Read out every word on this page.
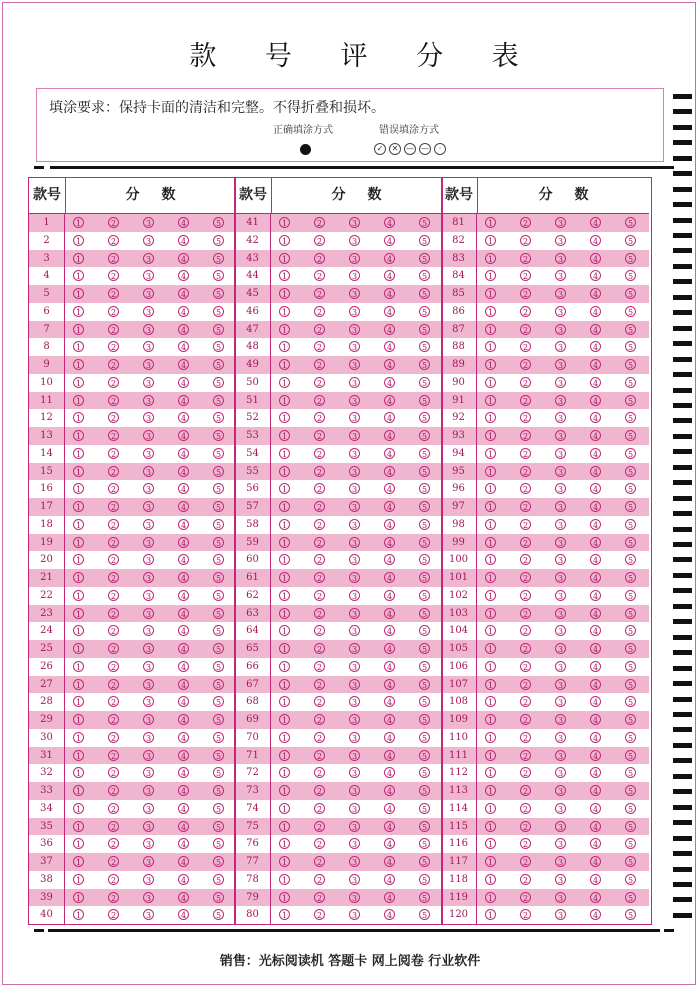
款 号 评 分 表
填涂要求：保持卡面的清洁和完整。不得折叠和损坏。
正确填涂方式	错误填涂方式
✓	✕ — —	·
款号	分数
1	1	2	3	4	5
2	1	2	3	4	5
3	1	2	3	4	5
4	1	2	3	4	5
5	1	2	3	4	5
6	1	2	3	4	5
7	1	2	3	4	5
8	1	2	3	4	5
9	1	2	3	4	5
10	1	2	3	4	5
11	1	2	3	4	5
12	1	2	3	4	5
13	1	2	3	4	5
14	1	2	3	4	5
15	1	2	3	4	5
16	1	2	3	4	5
17	1	2	3	4	5
18	1	2	3	4	5
19	1	2	3	4	5
20	1	2	3	4	5
21	1	2	3	4	5
22	1	2	3	4	5
23	1	2	3	4	5
24	1	2	3	4	5
25	1	2	3	4	5
26	1	2	3	4	5
27	1	2	3	4	5
28	1	2	3	4	5
29	1	2	3	4	5
30	1	2	3	4	5
31	1	2	3	4	5
32	1	2	3	4	5
33	1	2	3	4	5
34	1	2	3	4	5
35	1	2	3	4	5
36	1	2	3	4	5
37	1	2	3	4	5
38	1	2	3	4	5
39	1	2	3	4	5
40	1	2	3	4	5
款号	分数
41	1	2	3	4	5
42	1	2	3	4	5
43	1	2	3	4	5
44	1	2	3	4	5
45	1	2	3	4	5
46	1	2	3	4	5
47	1	2	3	4	5
48	1	2	3	4	5
49	1	2	3	4	5
50	1	2	3	4	5
51	1	2	3	4	5
52	1	2	3	4	5
53	1	2	3	4	5
54	1	2	3	4	5
55	1	2	3	4	5
56	1	2	3	4	5
57	1	2	3	4	5
58	1	2	3	4	5
59	1	2	3	4	5
60	1	2	3	4	5
61	1	2	3	4	5
62	1	2	3	4	5
63	1	2	3	4	5
64	1	2	3	4	5
65	1	2	3	4	5
66	1	2	3	4	5
67	1	2	3	4	5
68	1	2	3	4	5
69	1	2	3	4	5
70	1	2	3	4	5
71	1	2	3	4	5
72	1	2	3	4	5
73	1	2	3	4	5
74	1	2	3	4	5
75	1	2	3	4	5
76	1	2	3	4	5
77	1	2	3	4	5
78	1	2	3	4	5
79	1	2	3	4	5
80	1	2	3	4	5
款号	分数
81	1	2	3	4	5
82	1	2	3	4	5
83	1	2	3	4	5
84	1	2	3	4	5
85	1	2	3	4	5
86	1	2	3	4	5
87	1	2	3	4	5
88	1	2	3	4	5
89	1	2	3	4	5
90	1	2	3	4	5
91	1	2	3	4	5
92	1	2	3	4	5
93	1	2	3	4	5
94	1	2	3	4	5
95	1	2	3	4	5
96	1	2	3	4	5
97	1	2	3	4	5
98	1	2	3	4	5
99	1	2	3	4	5
100	1	2	3	4	5
101	1	2	3	4	5
102	1	2	3	4	5
103	1	2	3	4	5
104	1	2	3	4	5
105	1	2	3	4	5
106	1	2	3	4	5
107	1	2	3	4	5
108	1	2	3	4	5
109	1	2	3	4	5
110	1	2	3	4	5
111	1	2	3	4	5
112	1	2	3	4	5
113	1	2	3	4	5
114	1	2	3	4	5
115	1	2	3	4	5
116	1	2	3	4	5
117	1	2	3	4	5
118	1	2	3	4	5
119	1	2	3	4	5
120	1	2	3	4	5
销售：光标阅读机 答题卡 网上阅卷 行业软件
